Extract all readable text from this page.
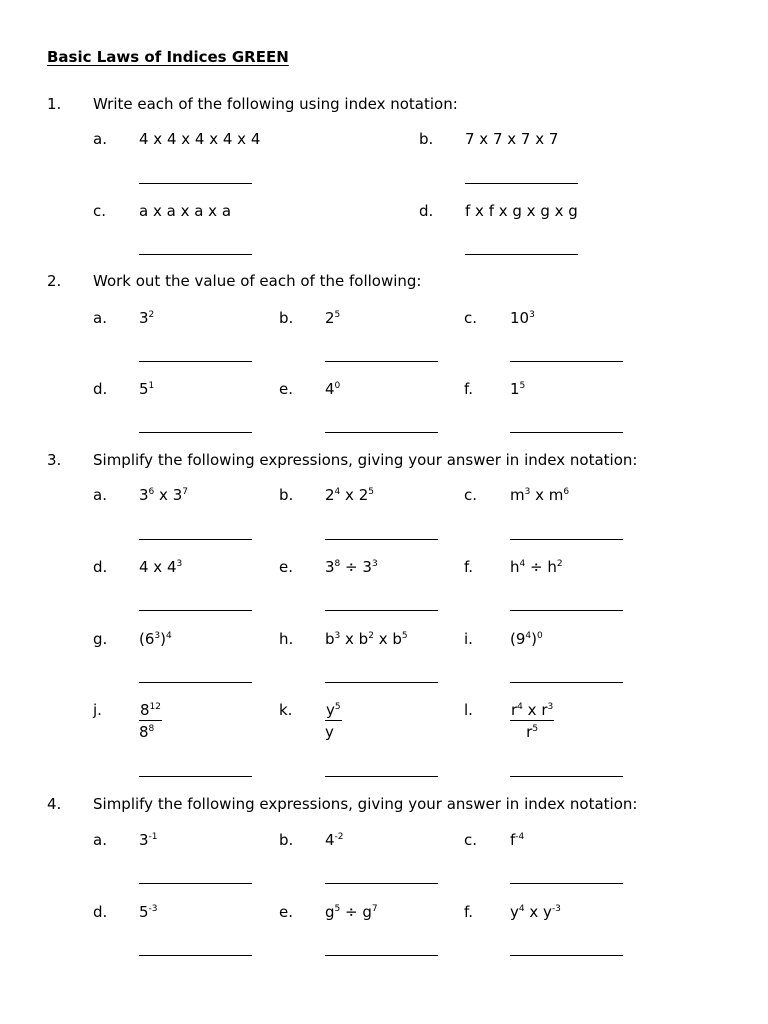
Basic Laws of Indices GREEN
1. Write each of the following using index notation:
a. 4 x 4 x 4 x 4 x 4	b. 7 x 7 x 7 x 7
c. a x a x a x a	d. f x f x g x g x g
2. Work out the value of each of the following:
a. $3^2$	b. $2^5$	c. $10^3$
d. $5^1$	e. $4^0$	f. $1^5$
3. Simplify the following expressions, giving your answer in index notation:
a. $3^6$ x $3^7$	b. $2^4$ x $2^5$	c. $m^3$ x $m^6$
d. 4 x $4^3$	e. $3^8 \div 3^3$	f. $h^4 \div h^2$
g. $(6^3)^4$	h. $b^3$ x $b^2$ x $b^5$	i. $(9^4)^0$
j. $\frac{8^{12}}{8^8}$	k. $\frac{y^5}{y}$	l. $\frac{r^4 x r^3}{r^5}$
4. Simplify the following expressions, giving your answer in index notation:
a. $3^{-1}$	b. $4^{-2}$	c. $f^{-4}$
d. $5^{-3}$	e. $g^5 \div g^7$	f. $y^4$ x $y^{-3}$
